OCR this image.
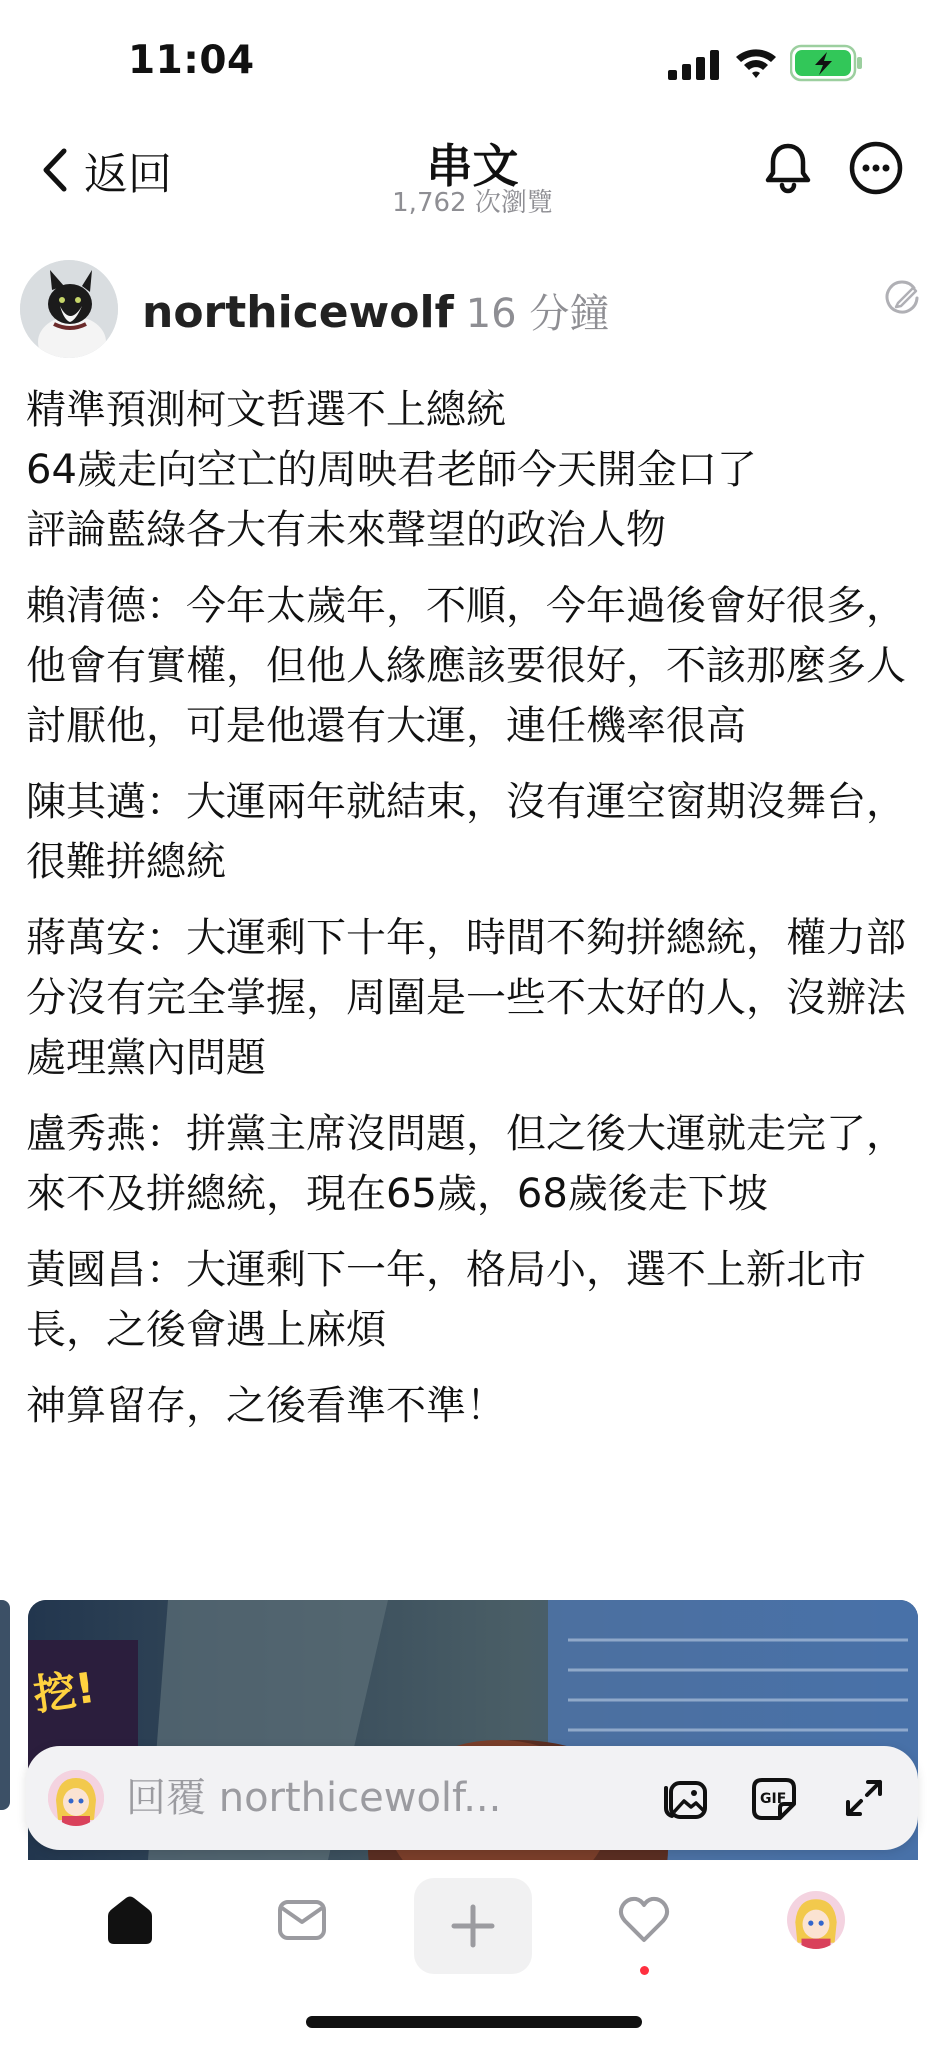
11:04
返回	串文
1,762 次瀏覽
northicewolf 16 分鐘

精準預測柯文哲選不上總統
64歲走向空亡的周映君老師今天開金口了
評論藍綠各大有未來聲望的政治人物

賴清德：今年太歲年，不順，今年過後會好很多，他會有實權，但他人緣應該要很好，不該那麼多人討厭他，可是他還有大運，連任機率很高

陳其邁：大運兩年就結束，沒有運空窗期沒舞台，很難拼總統

蔣萬安：大運剩下十年，時間不夠拼總統，權力部分沒有完全掌握，周圍是一些不太好的人，沒辦法處理黨內問題

盧秀燕：拼黨主席沒問題，但之後大運就走完了，來不及拼總統，現在65歲，68歲後走下坡

黃國昌：大運剩下一年，格局小，選不上新北市長，之後會遇上麻煩

神算留存，之後看準不準！

挖!
回覆 northicewolf...
GIF
